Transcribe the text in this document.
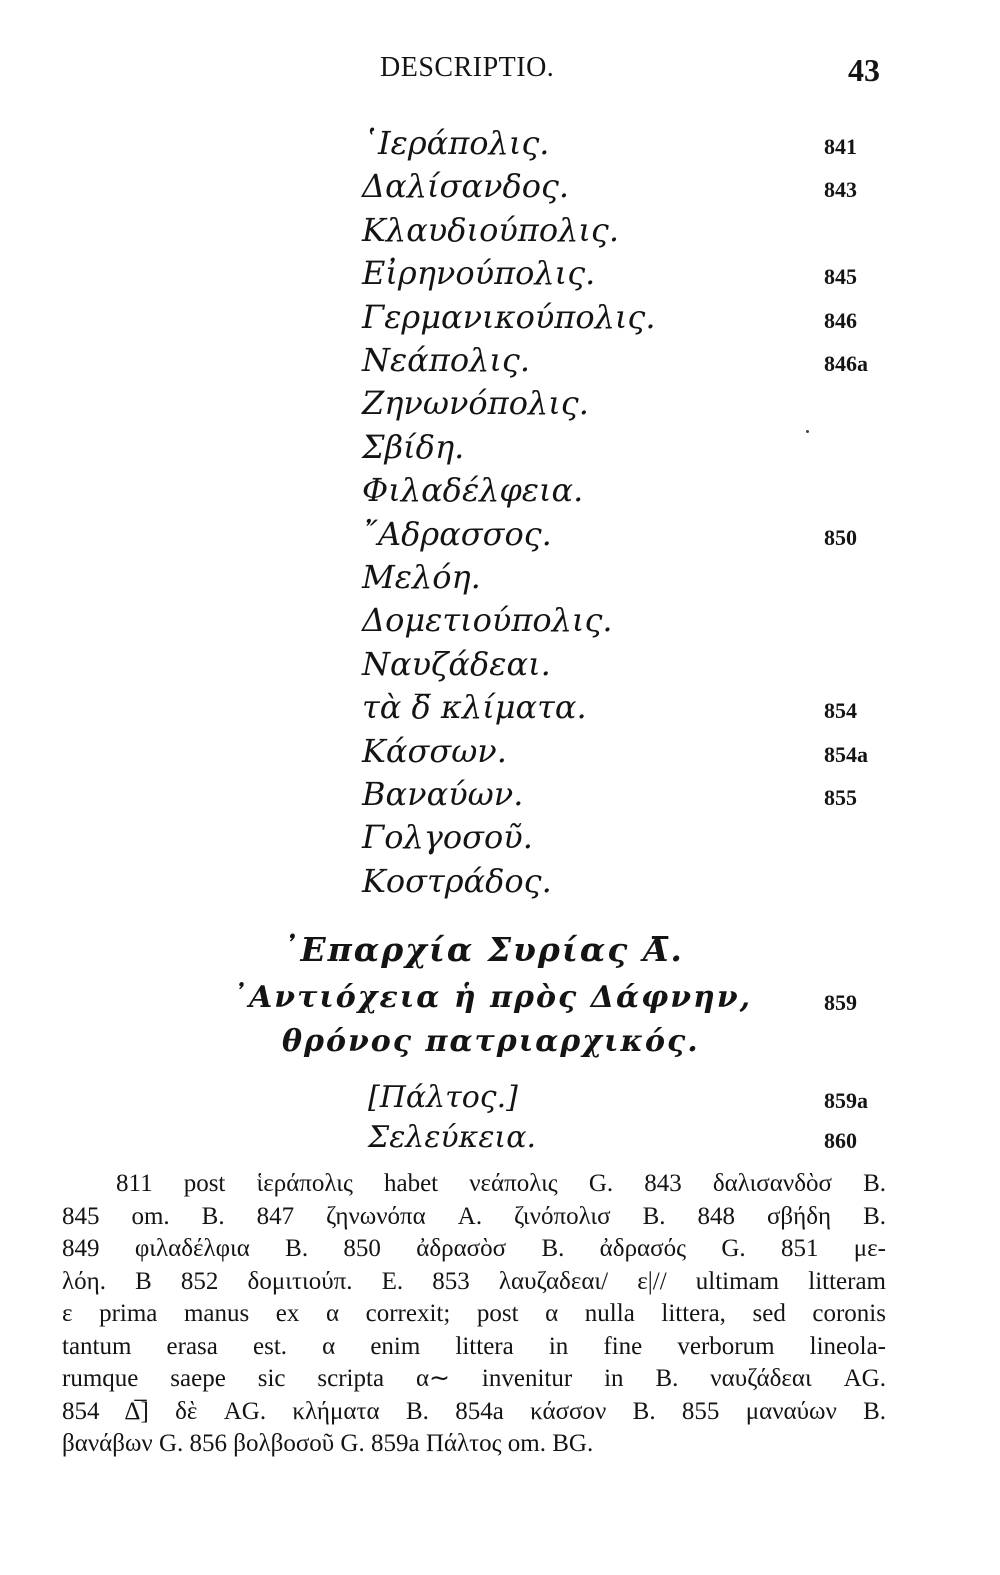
DESCRIPTIO.	43
῾Ιεράπολις.	841
Δαλίσανδος.	843
Κλαυδιούπολις.
Εἰρηνούπολις.	845
Γερμανικούπολις.	846
Νεάπολις.	846a
Ζηνωνόπολις.
Σβίδη.
Φιλαδέλφεια.
῎Αδρασσος.	850
Μελόη.
Δομετιούπολις.
Ναυζάδεαι.
τὰ δ̅ κλίματα.	854
Κάσσων.	854a
Βαναύων.	855
Γολγοσοῦ.
Κοστράδος.
᾿Επαρχία Συρίας Α̅.
᾿Αντιόχεια ἡ πρὸς Δάφνην,	859
θρόνος πατριαρχικός.
[Πάλτος.]	859a
Σελεύκεια.	860
811 post ἱεράπολις habet νεάπολις G. 843 δαλισανδὸσ B.
845 om. B. 847 ζηνωνόπα A. ζινόπολισ B. 848 σβήδη B.
849 φιλαδέλφια B. 850 ἀδρασὸσ B. ἀδρασός G. 851 με-
λόη. B 852 δομιτιούπ. E. 853 λαυζαδεαι/ ε|// ultimam litteram
ε prima manus ex α correxit; post α nulla littera, sed coronis
tantum erasa est. α enim littera in fine verborum lineola-
rumque saepe sic scripta α∼ invenitur in B. ναυζάδεαι AG.
854 Δ̅] δὲ AG. κλήματα B. 854a κάσσον B. 855 μαναύων B.
βανάβων G. 856 βολβοσοῦ G. 859a Πάλτος om. BG.
